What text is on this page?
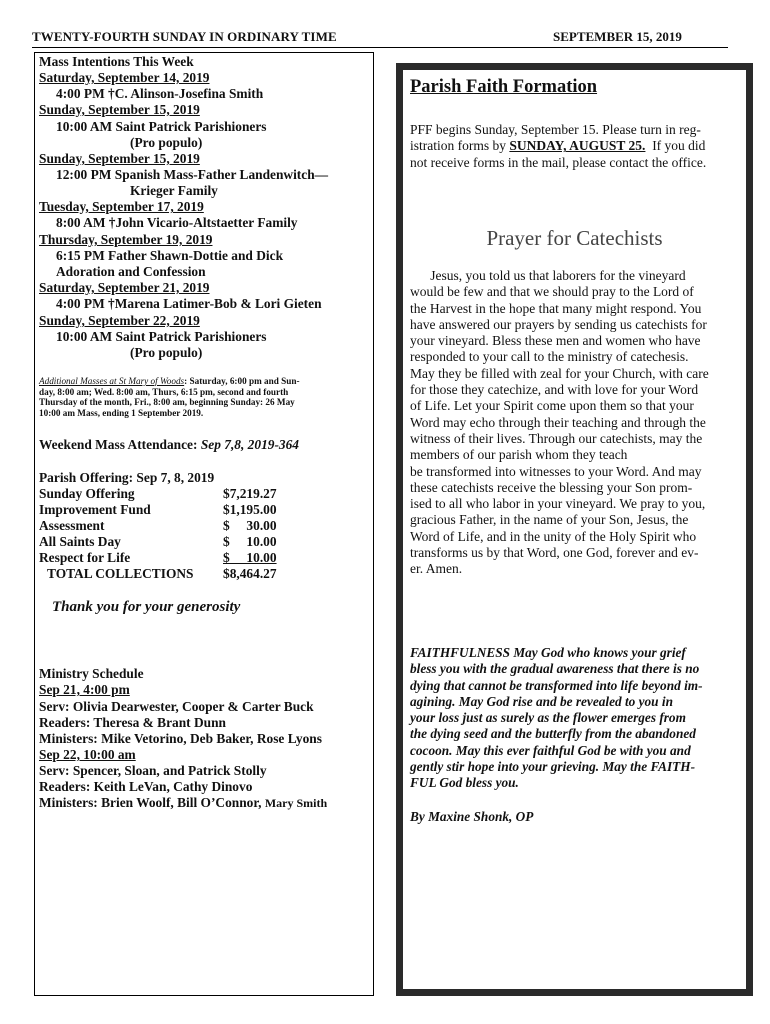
TWENTY-FOURTH SUNDAY IN ORDINARY TIME	SEPTEMBER 15, 2019
Mass Intentions This Week
Saturday, September 14, 2019
4:00 PM †C. Alinson-Josefina Smith
Sunday, September 15, 2019
10:00 AM Saint Patrick Parishioners
(Pro populo)
Sunday, September 15, 2019
12:00 PM Spanish Mass-Father Landenwitch—
Krieger Family
Tuesday, September 17, 2019
8:00 AM †John Vicario-Altstaetter Family
Thursday, September 19, 2019
6:15 PM Father Shawn-Dottie and Dick
Adoration and Confession
Saturday, September 21, 2019
4:00 PM †Marena Latimer-Bob & Lori Gieten
Sunday, September 22, 2019
10:00 AM Saint Patrick Parishioners
(Pro populo)
Additional Masses at St Mary of Woods: Saturday, 6:00 pm and Sun-
day, 8:00 am; Wed. 8:00 am, Thurs, 6:15 pm, second and fourth
Thursday of the month, Fri., 8:00 am, beginning Sunday: 26 May
10:00 am Mass, ending 1 September 2019.
Weekend Mass Attendance: Sep 7,8, 2019-364
Parish Offering: Sep 7, 8, 2019
Sunday Offering	$7,219.27
Improvement Fund	$1,195.00
Assessment	$     30.00
All Saints Day	$     10.00
Respect for Life	$     10.00
TOTAL COLLECTIONS $8,464.27
Thank you for your generosity
Ministry Schedule
Sep 21, 4:00 pm
Serv: Olivia Dearwester, Cooper & Carter Buck
Readers: Theresa & Brant Dunn
Ministers: Mike Vetorino, Deb Baker, Rose Lyons
Sep 22, 10:00 am
Serv: Spencer, Sloan, and Patrick Stolly
Readers: Keith LeVan, Cathy Dinovo
Ministers: Brien Woolf, Bill O’Connor, Mary Smith
Parish Faith Formation
PFF begins Sunday, September 15. Please turn in reg-
istration forms by SUNDAY, AUGUST 25.  If you did
not receive forms in the mail, please contact the office.
Prayer for Catechists
Jesus, you told us that laborers for the vineyard
would be few and that we should pray to the Lord of
the Harvest in the hope that many might respond. You
have answered our prayers by sending us catechists for
your vineyard. Bless these men and women who have
responded to your call to the ministry of catechesis.
May they be filled with zeal for your Church, with care
for those they catechize, and with love for your Word
of Life. Let your Spirit come upon them so that your
Word may echo through their teaching and through the
witness of their lives. Through our catechists, may the
members of our parish whom they teach
be transformed into witnesses to your Word. And may
these catechists receive the blessing your Son prom-
ised to all who labor in your vineyard. We pray to you,
gracious Father, in the name of your Son, Jesus, the
Word of Life, and in the unity of the Holy Spirit who
transforms us by that Word, one God, forever and ev-
er. Amen.
FAITHFULNESS May God who knows your grief
bless you with the gradual awareness that there is no
dying that cannot be transformed into life beyond im-
agining. May God rise and be revealed to you in
your loss just as surely as the flower emerges from
the dying seed and the butterfly from the abandoned
cocoon. May this ever faithful God be with you and
gently stir hope into your grieving. May the FAITH-
FUL God bless you.
By Maxine Shonk, OP
